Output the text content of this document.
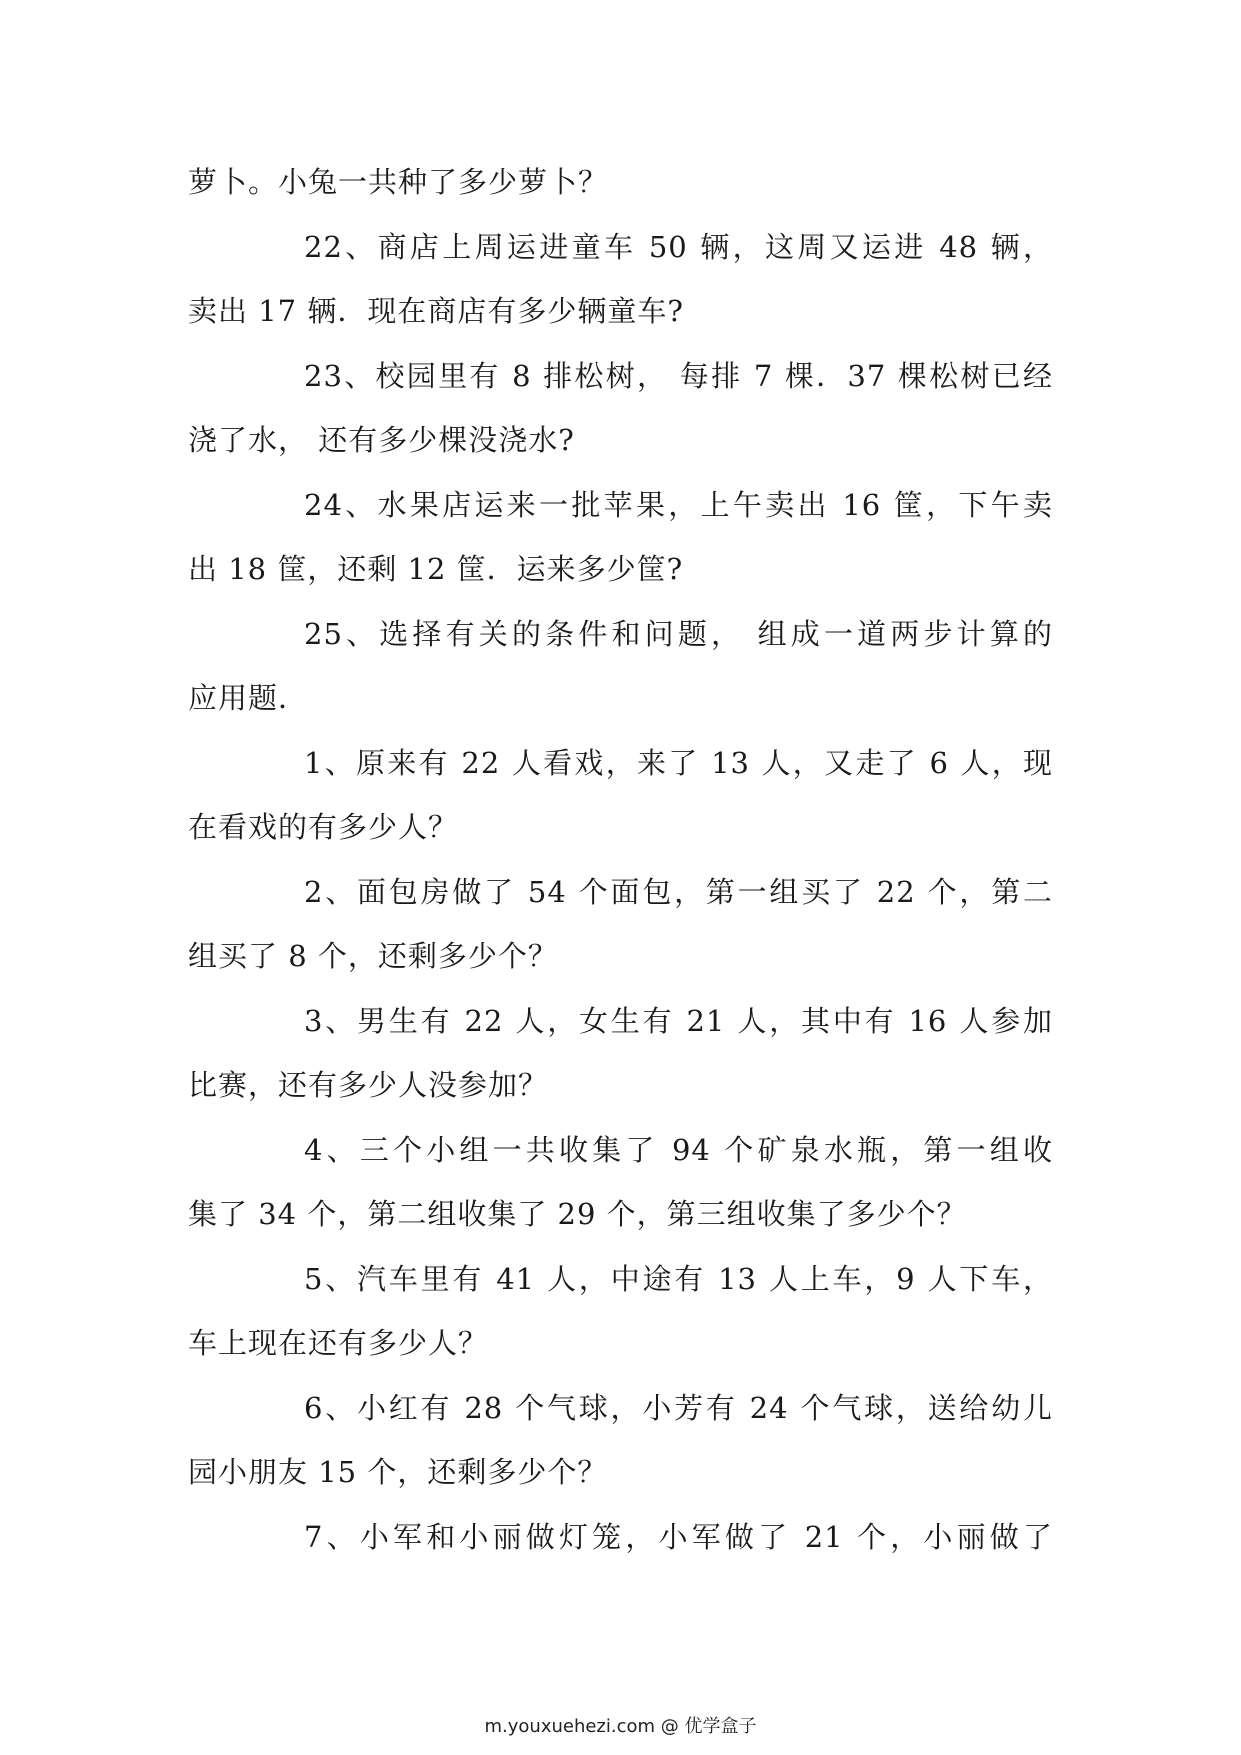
萝卜。小兔一共种了多少萝卜？
22、商店上周运进童车 50 辆，这周又运进 48 辆，
卖出 17 辆．现在商店有多少辆童车?
23、校园里有 8 排松树， 每排 7 棵．37 棵松树已经
浇了水， 还有多少棵没浇水?
24、水果店运来一批苹果，上午卖出 16 筐，下午卖
出 18 筐，还剩 12 筐．运来多少筐?
25、选择有关的条件和问题， 组成一道两步计算的
应用题．
1、原来有 22 人看戏，来了 13 人，又走了 6 人，现
在看戏的有多少人？
2、面包房做了 54 个面包，第一组买了 22 个，第二
组买了 8 个，还剩多少个？
3、男生有 22 人，女生有 21 人，其中有 16 人参加
比赛，还有多少人没参加？
4、三个小组一共收集了 94 个矿泉水瓶，第一组收
集了 34 个，第二组收集了 29 个，第三组收集了多少个？
5、汽车里有 41 人，中途有 13 人上车，9 人下车，
车上现在还有多少人？
6、小红有 28 个气球，小芳有 24 个气球，送给幼儿
园小朋友 15 个，还剩多少个？
7、小军和小丽做灯笼，小军做了 21 个，小丽做了
m.youxuehezi.com @ 优学盒子
